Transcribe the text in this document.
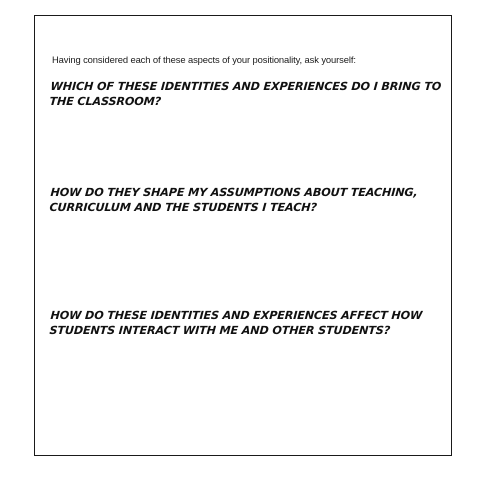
Having considered each of these aspects of your positionality, ask yourself:

WHICH OF THESE IDENTITIES AND EXPERIENCES DO I BRING TO THE CLASSROOM?

HOW DO THEY SHAPE MY ASSUMPTIONS ABOUT TEACHING, CURRICULUM AND THE STUDENTS I TEACH?

HOW DO THESE IDENTITIES AND EXPERIENCES AFFECT HOW STUDENTS INTERACT WITH ME AND OTHER STUDENTS?
